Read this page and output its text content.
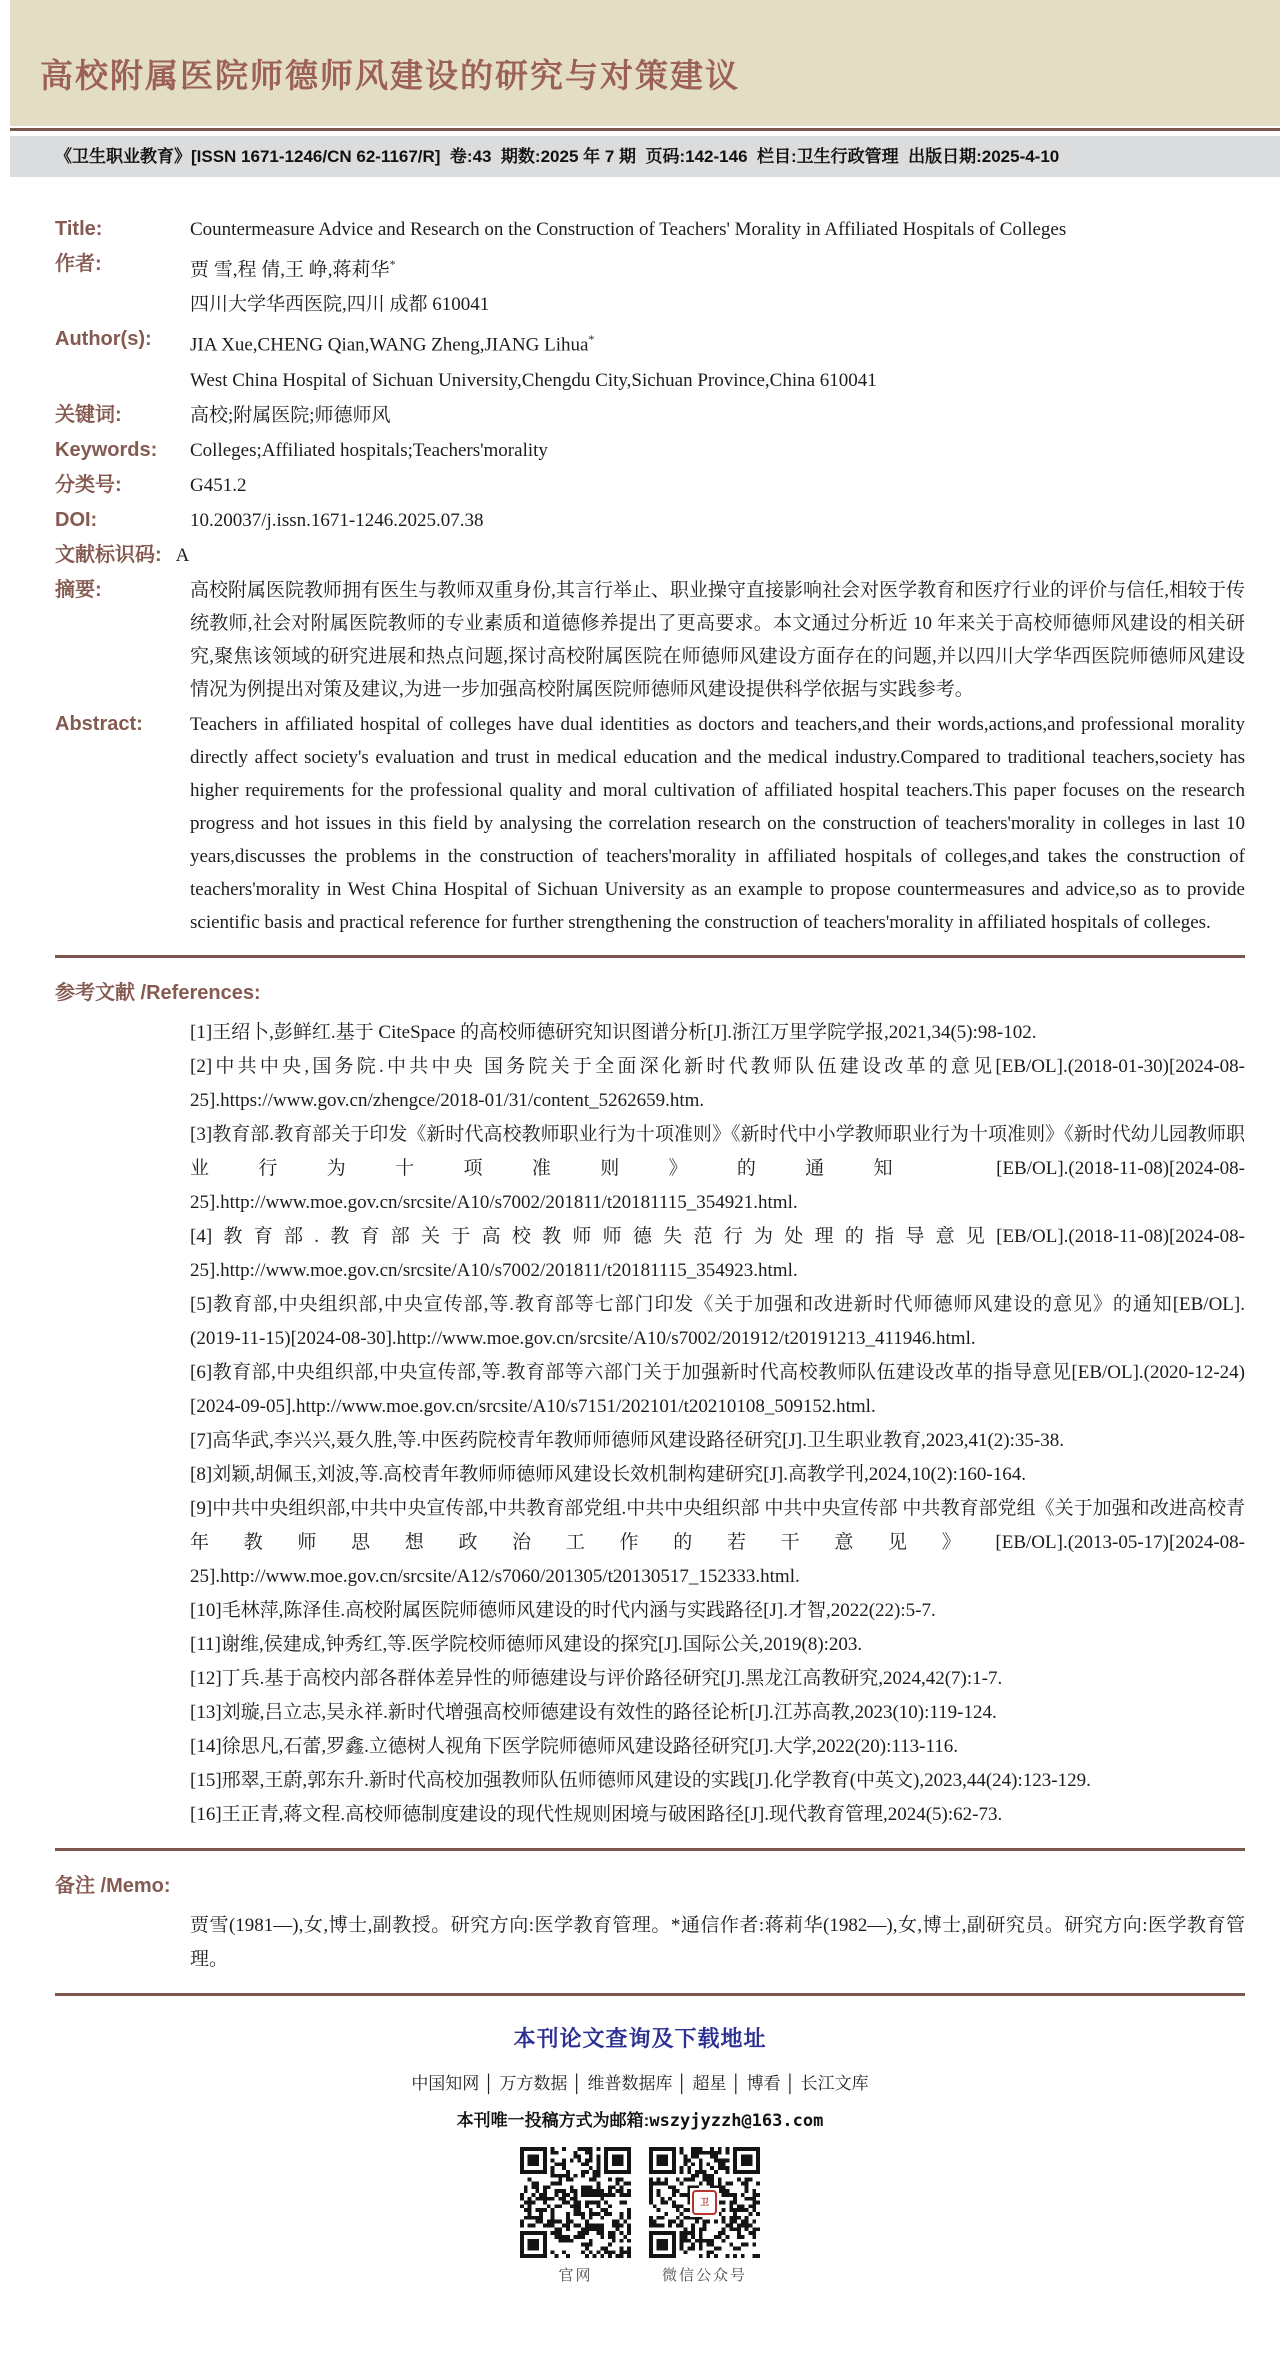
高校附属医院师德师风建设的研究与对策建议
《卫生职业教育》[ISSN 1671-1246/CN 62-1167/R]  卷:43  期数:2025 年 7 期  页码:142-146  栏目:卫生行政管理  出版日期:2025-4-10
Title:	Countermeasure Advice and Research on the Construction of Teachers' Morality in Affiliated Hospitals of Colleges
作者:	贾 雪,程 倩,王 峥,蒋莉华*
四川大学华西医院,四川 成都 610041
Author(s):	JIA Xue,CHENG Qian,WANG Zheng,JIANG Lihua*
West China Hospital of Sichuan University,Chengdu City,Sichuan Province,China 610041
关键词:	高校;附属医院;师德师风
Keywords:	Colleges;Affiliated hospitals;Teachers'morality
分类号:	G451.2
DOI:	10.20037/j.issn.1671-1246.2025.07.38
文献标识码: A
摘要:	高校附属医院教师拥有医生与教师双重身份,其言行举止、职业操守直接影响社会对医学教育和医疗行业的评价与信任,相较于传统教师,社会对附属医院教师的专业素质和道德修养提出了更高要求。本文通过分析近 10 年来关于高校师德师风建设的相关研究,聚焦该领域的研究进展和热点问题,探讨高校附属医院在师德师风建设方面存在的问题,并以四川大学华西医院师德师风建设情况为例提出对策及建议,为进一步加强高校附属医院师德师风建设提供科学依据与实践参考。
Abstract:	Teachers in affiliated hospital of colleges have dual identities as doctors and teachers,and their words,actions,and professional morality directly affect society's evaluation and trust in medical education and the medical industry.Compared to traditional teachers,society has higher requirements for the professional quality and moral cultivation of affiliated hospital teachers.This paper focuses on the research progress and hot issues in this field by analysing the correlation research on the construction of teachers'morality in colleges in last 10 years,discusses the problems in the construction of teachers'morality in affiliated hospitals of colleges,and takes the construction of teachers'morality in West China Hospital of Sichuan University as an example to propose countermeasures and advice,so as to provide scientific basis and practical reference for further strengthening the construction of teachers'morality in affiliated hospitals of colleges.
参考文献 /References:

[1]王绍卜,彭鲜红.基于 CiteSpace 的高校师德研究知识图谱分析[J].浙江万里学院学报,2021,34(5):98-102.

[2]中共中央,国务院.中共中央 国务院关于全面深化新时代教师队伍建设改革的意见[EB/OL].(2018-01-30)[2024-08-25].https://www.gov.cn/zhengce/2018-01/31/content_5262659.htm.

[3]教育部.教育部关于印发《新时代高校教师职业行为十项准则》《新时代中小学教师职业行为十项准则》《新时代幼儿园教师职业行为十项准则》的通知 [EB/OL].(2018-11-08)[2024-08-25].http://www.moe.gov.cn/srcsite/A10/s7002/201811/t20181115_354921.html.

[4]教育部.教育部关于高校教师师德失范行为处理的指导意见[EB/OL].(2018-11-08)[2024-08-25].http://www.moe.gov.cn/srcsite/A10/s7002/201811/t20181115_354923.html.

[5]教育部,中央组织部,中央宣传部,等.教育部等七部门印发《关于加强和改进新时代师德师风建设的意见》的通知[EB/OL].(2019-11-15)[2024-08-30].http://www.moe.gov.cn/srcsite/A10/s7002/201912/t20191213_411946.html.

[6]教育部,中央组织部,中央宣传部,等.教育部等六部门关于加强新时代高校教师队伍建设改革的指导意见[EB/OL].(2020-12-24)[2024-09-05].http://www.moe.gov.cn/srcsite/A10/s7151/202101/t20210108_509152.html.

[7]高华武,李兴兴,聂久胜,等.中医药院校青年教师师德师风建设路径研究[J].卫生职业教育,2023,41(2):35-38.

[8]刘颖,胡佩玉,刘波,等.高校青年教师师德师风建设长效机制构建研究[J].高教学刊,2024,10(2):160-164.

[9]中共中央组织部,中共中央宣传部,中共教育部党组.中共中央组织部 中共中央宣传部 中共教育部党组《关于加强和改进高校青年教师思想政治工作的若干意见》[EB/OL].(2013-05-17)[2024-08-25].http://www.moe.gov.cn/srcsite/A12/s7060/201305/t20130517_152333.html.

[10]毛林萍,陈泽佳.高校附属医院师德师风建设的时代内涵与实践路径[J].才智,2022(22):5-7.

[11]谢维,侯建成,钟秀红,等.医学院校师德师风建设的探究[J].国际公关,2019(8):203.

[12]丁兵.基于高校内部各群体差异性的师德建设与评价路径研究[J].黑龙江高教研究,2024,42(7):1-7.

[13]刘璇,吕立志,吴永祥.新时代增强高校师德建设有效性的路径论析[J].江苏高教,2023(10):119-124.

[14]徐思凡,石蕾,罗鑫.立德树人视角下医学院师德师风建设路径研究[J].大学,2022(20):113-116.

[15]邢翠,王蔚,郭东升.新时代高校加强教师队伍师德师风建设的实践[J].化学教育(中英文),2023,44(24):123-129.

[16]王正青,蒋文程.高校师德制度建设的现代性规则困境与破困路径[J].现代教育管理,2024(5):62-73.

备注 /Memo:

贾雪(1981—),女,博士,副教授。研究方向:医学教育管理。*通信作者:蒋莉华(1982—),女,博士,副研究员。研究方向:医学教育管理。

本刊论文查询及下载地址
中国知网 │ 万方数据 │ 维普数据库 │ 超星 │ 博看 │ 长江文库
本刊唯一投稿方式为邮箱:wszyjyzzh@163.com
官网
卫
微信公众号
